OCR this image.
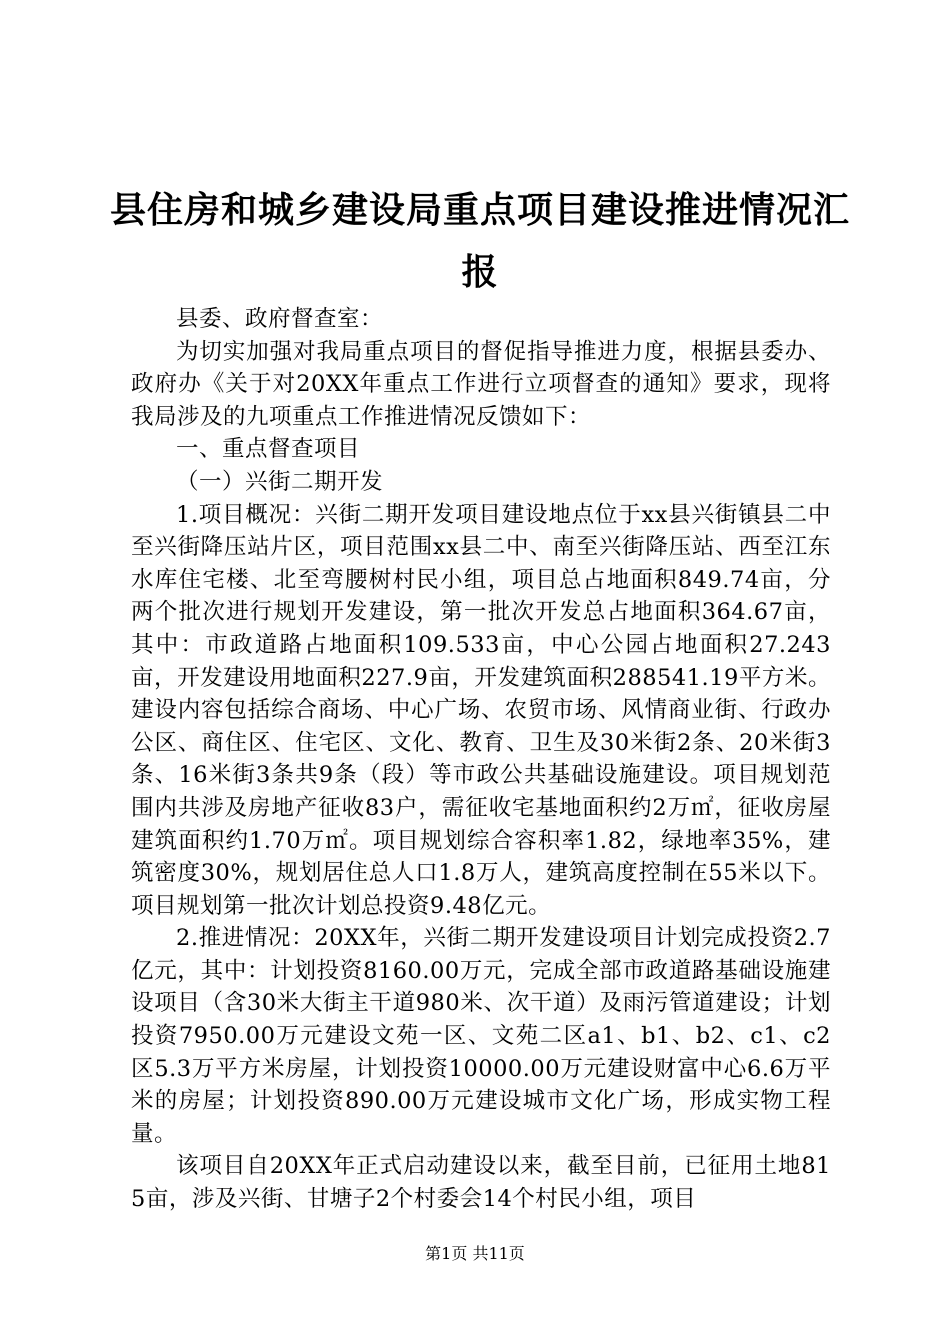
县住房和城乡建设局重点项目建设推进情况汇报

县委、政府督查室：

为切实加强对我局重点项目的督促指导推进力度，根据县委办、政府办《关于对20XX年重点工作进行立项督查的通知》要求，现将我局涉及的九项重点工作推进情况反馈如下：

一、重点督查项目

（一）兴街二期开发

1.项目概况：兴街二期开发项目建设地点位于xx县兴街镇县二中至兴街降压站片区，项目范围xx县二中、南至兴街降压站、西至江东水库住宅楼、北至弯腰树村民小组，项目总占地面积849.74亩，分两个批次进行规划开发建设，第一批次开发总占地面积364.67亩，其中：市政道路占地面积109.533亩，中心公园占地面积27.243亩，开发建设用地面积227.9亩，开发建筑面积288541.19平方米。建设内容包括综合商场、中心广场、农贸市场、风情商业街、行政办公区、商住区、住宅区、文化、教育、卫生及30米街2条、20米街3条、16米街3条共9条（段）等市政公共基础设施建设。项目规划范围内共涉及房地产征收83户，需征收宅基地面积约2万㎡，征收房屋建筑面积约1.70万㎡。项目规划综合容积率1.82，绿地率35%，建筑密度30%，规划居住总人口1.8万人，建筑高度控制在55米以下。项目规划第一批次计划总投资9.48亿元。

2.推进情况：20XX年，兴街二期开发建设项目计划完成投资2.7亿元，其中：计划投资8160.00万元，完成全部市政道路基础设施建设项目（含30米大街主干道980米、次干道）及雨污管道建设；计划投资7950.00万元建设文苑一区、文苑二区a1、b1、b2、c1、c2区5.3万平方米房屋，计划投资10000.00万元建设财富中心6.6万平米的房屋；计划投资890.00万元建设城市文化广场，形成实物工程量。

该项目自20XX年正式启动建设以来，截至目前，已征用土地815亩，涉及兴街、甘塘子2个村委会14个村民小组，项目

第1页 共11页
